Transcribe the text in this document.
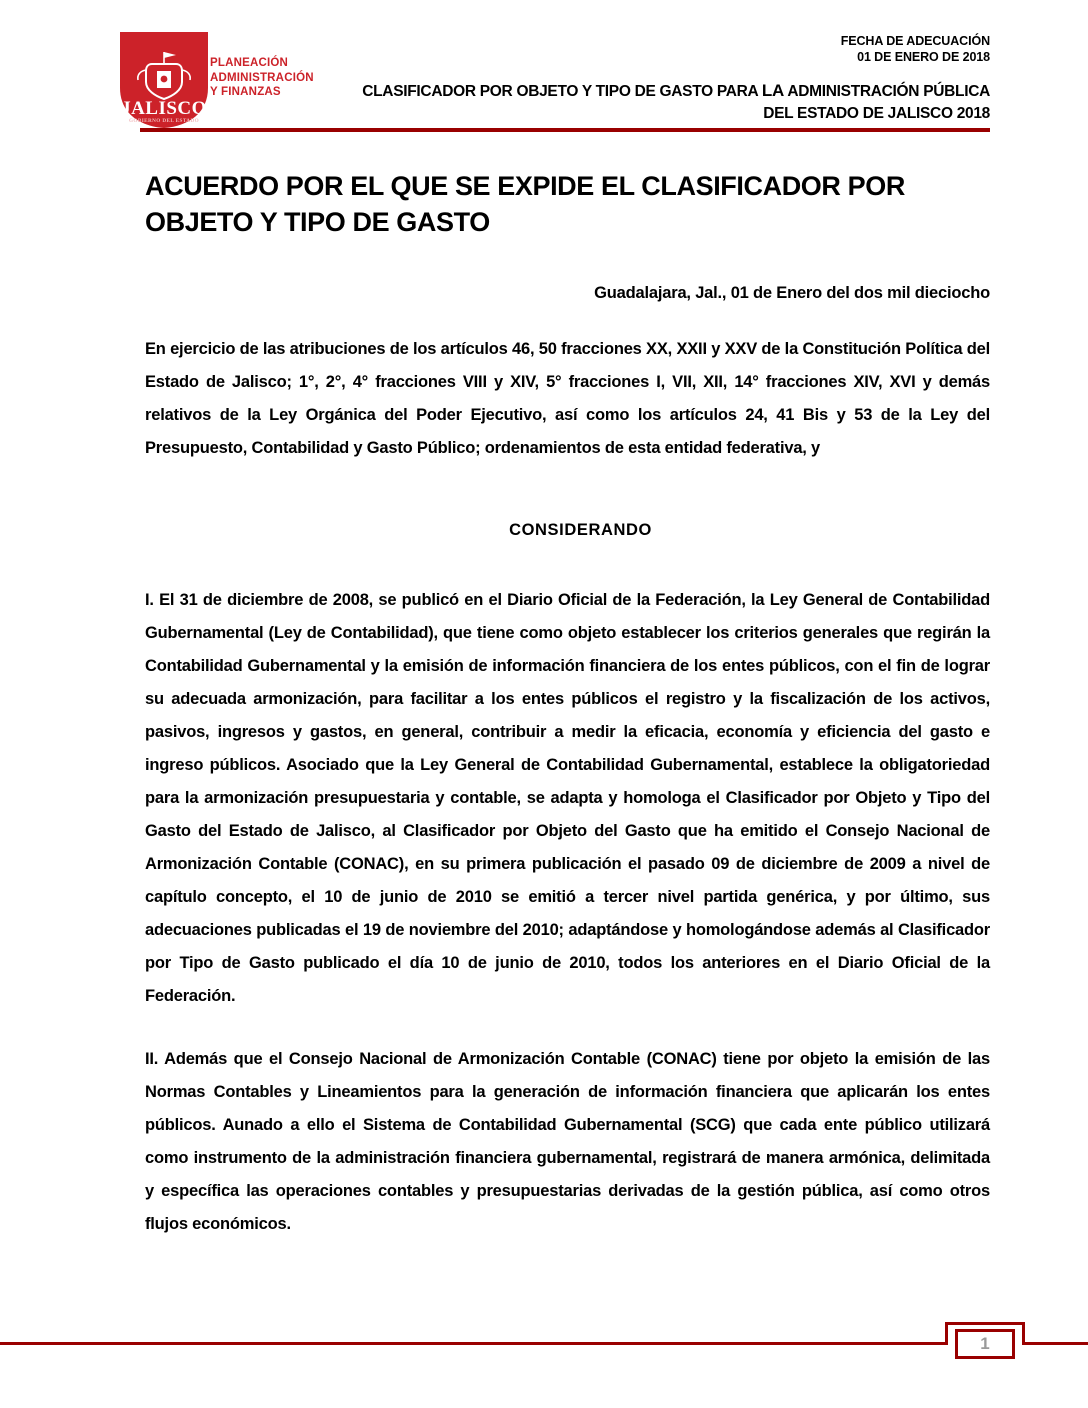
JALISCO
GOBIERNO DEL ESTADO
PLANEACIÓN
ADMINISTRACIÓN
Y FINANZAS
FECHA DE ADECUACIÓN
01 DE ENERO DE 2018
CLASIFICADOR POR OBJETO Y TIPO DE GASTO PARA LA ADMINISTRACIÓN PÚBLICA
DEL ESTADO DE JALISCO 2018
ACUERDO POR EL QUE SE EXPIDE EL CLASIFICADOR POR OBJETO Y TIPO DE GASTO
Guadalajara, Jal., 01 de Enero del dos mil dieciocho

En ejercicio de las atribuciones de los artículos 46, 50 fracciones XX, XXII y XXV de la Constitución Política del Estado de Jalisco; 1°, 2°, 4° fracciones VIII y XIV, 5° fracciones I, VII, XII, 14° fracciones XIV, XVI y demás relativos de la Ley Orgánica del Poder Ejecutivo, así como los artículos 24, 41 Bis y 53 de la Ley del Presupuesto, Contabilidad y Gasto Público; ordenamientos de esta entidad federativa, y

CONSIDERANDO

I. El 31 de diciembre de 2008, se publicó en el Diario Oficial de la Federación, la Ley General de Contabilidad Gubernamental (Ley de Contabilidad), que tiene como objeto establecer los criterios generales que regirán la Contabilidad Gubernamental y la emisión de información financiera de los entes públicos, con el fin de lograr su adecuada armonización, para facilitar a los entes públicos el registro y la fiscalización de los activos, pasivos, ingresos y gastos, en general, contribuir a medir la eficacia, economía y eficiencia del gasto e ingreso públicos. Asociado que la Ley General de Contabilidad Gubernamental, establece la obligatoriedad para la armonización presupuestaria y contable, se adapta y homologa el Clasificador por Objeto y Tipo del Gasto del Estado de Jalisco, al Clasificador por Objeto del Gasto que ha emitido el Consejo Nacional de Armonización Contable (CONAC), en su primera publicación el pasado 09 de diciembre de 2009 a nivel de capítulo concepto, el 10 de junio de 2010 se emitió a tercer nivel partida genérica, y por último, sus adecuaciones publicadas el 19 de noviembre del 2010; adaptándose y homologándose además al Clasificador por Tipo de Gasto publicado el día 10 de junio de 2010, todos los anteriores en el Diario Oficial de la Federación.

II. Además que el Consejo Nacional de Armonización Contable (CONAC) tiene por objeto la emisión de las Normas Contables y Lineamientos para la generación de información financiera que aplicarán los entes públicos. Aunado a ello el Sistema de Contabilidad Gubernamental (SCG) que cada ente público utilizará como instrumento de la administración financiera gubernamental, registrará de manera armónica, delimitada y específica las operaciones contables y presupuestarias derivadas de la gestión pública, así como otros flujos económicos.

1
